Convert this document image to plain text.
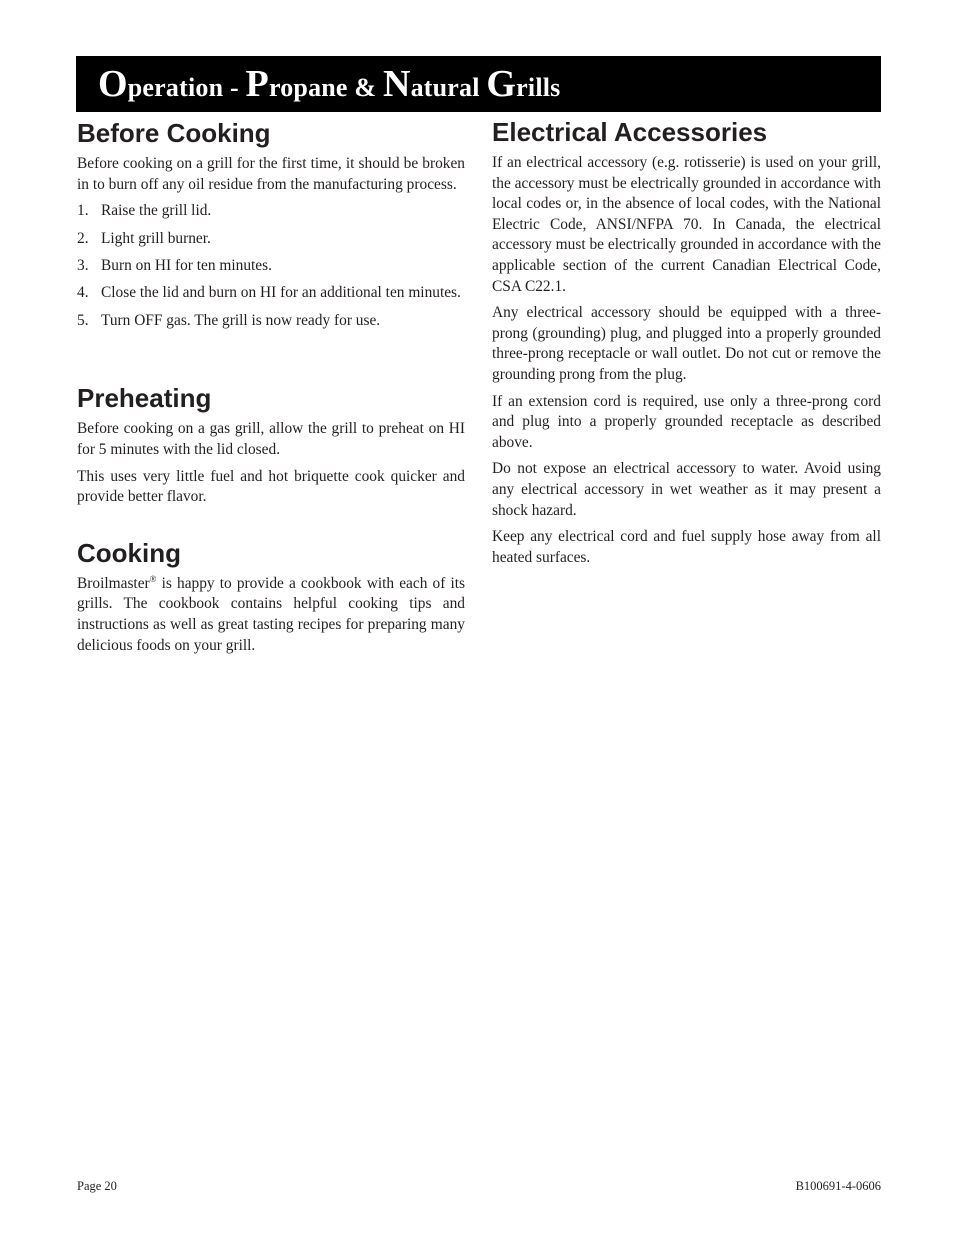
Operation - Propane & Natural Grills
Before Cooking

Before cooking on a grill for the first time, it should be broken in to burn off any oil residue from the manufacturing process.

1. Raise the grill lid.
2. Light grill burner.
3. Burn on HI for ten minutes.
4. Close the lid and burn on HI for an additional ten minutes.
5. Turn OFF gas. The grill is now ready for use.
Preheating

Before cooking on a gas grill, allow the grill to preheat on HI for 5 minutes with the lid closed.

This uses very little fuel and hot briquette cook quicker and provide better flavor.

Cooking

Broilmaster® is happy to provide a cookbook with each of its grills. The cookbook contains helpful cooking tips and instructions as well as great tasting recipes for preparing many delicious foods on your grill.

Electrical Accessories

If an electrical accessory (e.g. rotisserie) is used on your grill, the accessory must be electrically grounded in accordance with local codes or, in the absence of local codes, with the National Electric Code, ANSI/NFPA 70. In Canada, the electrical accessory must be electrically grounded in accordance with the applicable section of the current Canadian Electrical Code, CSA C22.1.

Any electrical accessory should be equipped with a three-prong (grounding) plug, and plugged into a properly grounded three-prong receptacle or wall outlet. Do not cut or remove the grounding prong from the plug.

If an extension cord is required, use only a three-prong cord and plug into a properly grounded receptacle as described above.

Do not expose an electrical accessory to water. Avoid using any electrical accessory in wet weather as it may present a shock hazard.

Keep any electrical cord and fuel supply hose away from all heated surfaces.

Page 20	B100691-4-0606
